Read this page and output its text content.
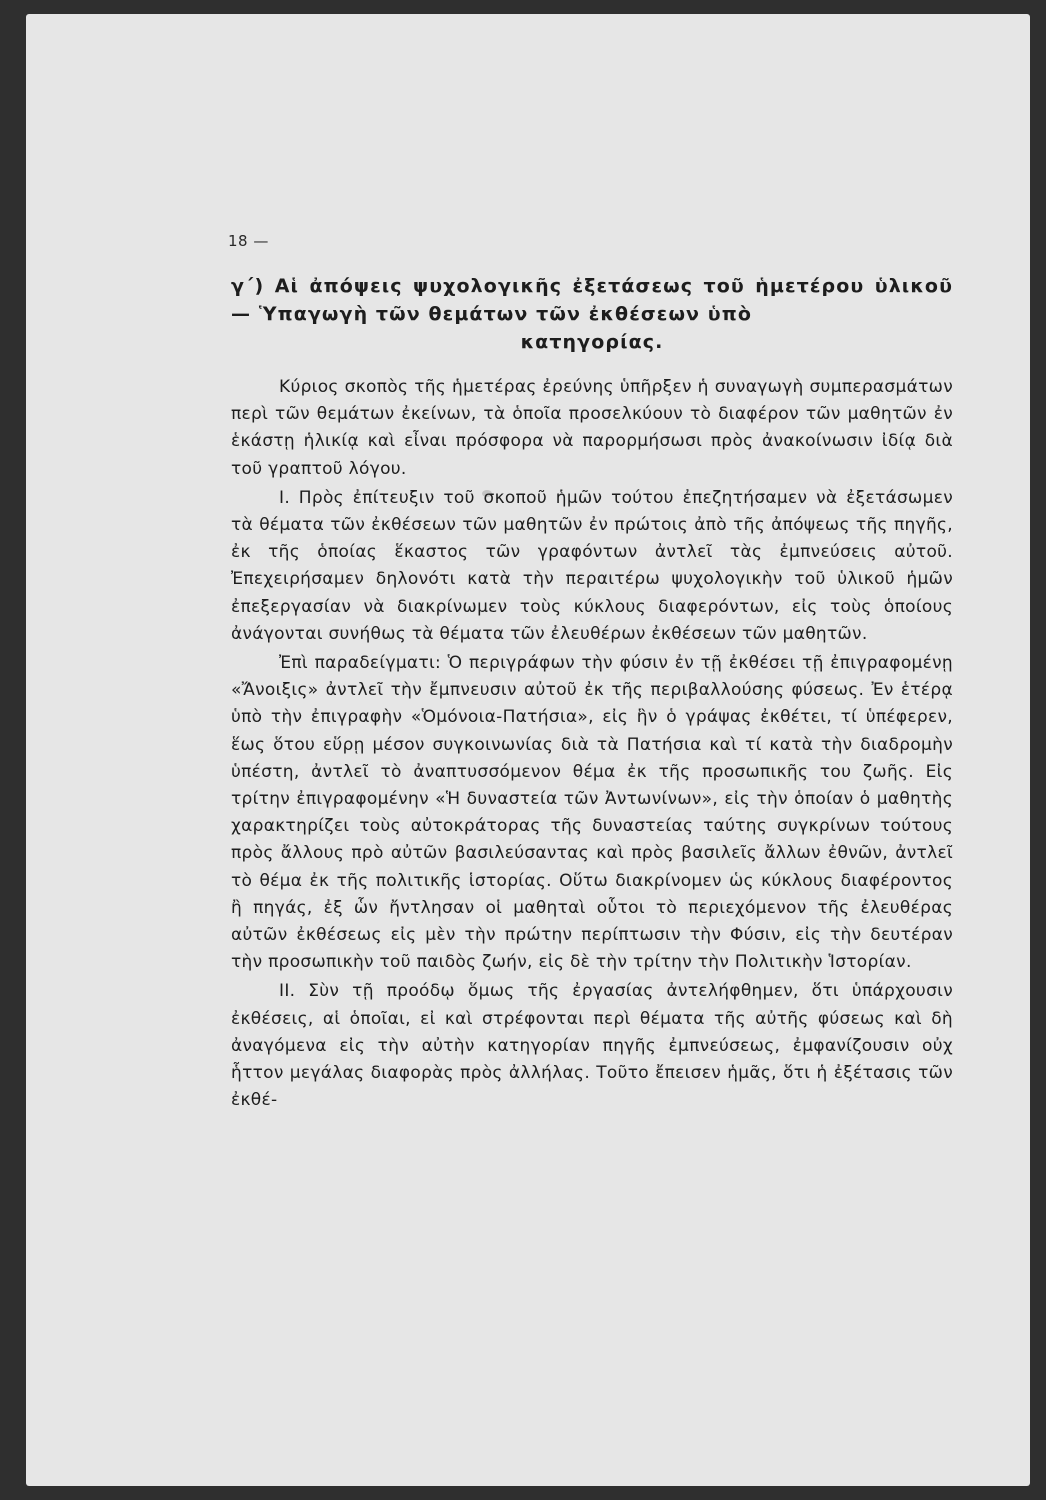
18 —
γ΄) Αἱ ἀπόψεις ψυχολογικῆς ἐξετάσεως τοῦ ἡμετέρου ὑλικοῦ — Ὑπαγωγὴ τῶν θεμάτων τῶν ἐκθέσεων ὑπὸ
κατηγορίας.

Κύριος σκοπὸς τῆς ἡμετέρας ἐρεύνης ὑπῆρξεν ἡ συναγωγὴ συμπερασμάτων περὶ τῶν θεμάτων ἐκείνων, τὰ ὁποῖα προσελκύουν τὸ διαφέρον τῶν μαθητῶν ἐν ἑκάστῃ ἡλικίᾳ καὶ εἶναι πρόσφορα νὰ παρορμήσωσι πρὸς ἀνακοίνωσιν ἰδίᾳ διὰ τοῦ γραπτοῦ λόγου.

Ι. Πρὸς ἐπίτευξιν τοῦ σκοποῦ ἡμῶν τούτου ἐπεζητήσαμεν νὰ ἐξετάσωμεν τὰ θέματα τῶν ἐκθέσεων τῶν μαθητῶν ἐν πρώτοις ἀπὸ τῆς ἀπόψεως τῆς πηγῆς, ἐκ τῆς ὁποίας ἕκαστος τῶν γραφόντων ἀντλεῖ τὰς ἐμπνεύσεις αὐτοῦ. Ἐπεχειρήσαμεν δηλονότι κατὰ τὴν περαιτέρω ψυχολογικὴν τοῦ ὑλικοῦ ἡμῶν ἐπεξεργασίαν νὰ διακρίνωμεν τοὺς κύκλους διαφερόντων, εἰς τοὺς ὁποίους ἀνάγονται συνήθως τὰ θέματα τῶν ἐλευθέρων ἐκθέσεων τῶν μαθητῶν.

Ἐπὶ παραδείγματι: Ὁ περιγράφων τὴν φύσιν ἐν τῇ ἐκθέσει τῇ ἐπιγραφομένῃ «Ἄνοιξις» ἀντλεῖ τὴν ἔμπνευσιν αὐτοῦ ἐκ τῆς περιβαλλούσης φύσεως. Ἐν ἑτέρᾳ ὑπὸ τὴν ἐπιγραφὴν «Ὁμόνοια-Πατήσια», εἰς ἣν ὁ γράψας ἐκθέτει, τί ὑπέφερεν, ἕως ὅτου εὕρῃ μέσον συγκοινωνίας διὰ τὰ Πατήσια καὶ τί κατὰ τὴν διαδρομὴν ὑπέστη, ἀντλεῖ τὸ ἀναπτυσσόμενον θέμα ἐκ τῆς προσωπικῆς του ζωῆς. Εἰς τρίτην ἐπιγραφομένην «Ἡ δυναστεία τῶν Ἀντωνίνων», εἰς τὴν ὁποίαν ὁ μαθητὴς χαρακτηρίζει τοὺς αὐτοκράτορας τῆς δυναστείας ταύτης συγκρίνων τούτους πρὸς ἄλλους πρὸ αὐτῶν βασιλεύσαντας καὶ πρὸς βασιλεῖς ἄλλων ἐθνῶν, ἀντλεῖ τὸ θέμα ἐκ τῆς πολιτικῆς ἱστορίας. Οὕτω διακρίνομεν ὡς κύκλους διαφέροντος ἢ πηγάς, ἐξ ὧν ἤντλησαν οἱ μαθηταὶ οὗτοι τὸ περιεχόμενον τῆς ἐλευθέρας αὐτῶν ἐκθέσεως εἰς μὲν τὴν πρώτην περίπτωσιν τὴν Φύσιν, εἰς τὴν δευτέραν τὴν προσωπικὴν τοῦ παιδὸς ζωήν, εἰς δὲ τὴν τρίτην τὴν Πολιτικὴν Ἱστορίαν.

ΙΙ. Σὺν τῇ προόδῳ ὅμως τῆς ἐργασίας ἀντελήφθημεν, ὅτι ὑπάρχουσιν ἐκθέσεις, αἱ ὁποῖαι, εἰ καὶ στρέφονται περὶ θέματα τῆς αὐτῆς φύσεως καὶ δὴ ἀναγόμενα εἰς τὴν αὐτὴν κατηγορίαν πηγῆς ἐμπνεύσεως, ἐμφανίζουσιν οὐχ ἧττον μεγάλας διαφορὰς πρὸς ἀλλήλας. Τοῦτο ἔπεισεν ἡμᾶς, ὅτι ἡ ἐξέτασις τῶν ἐκθέ-
